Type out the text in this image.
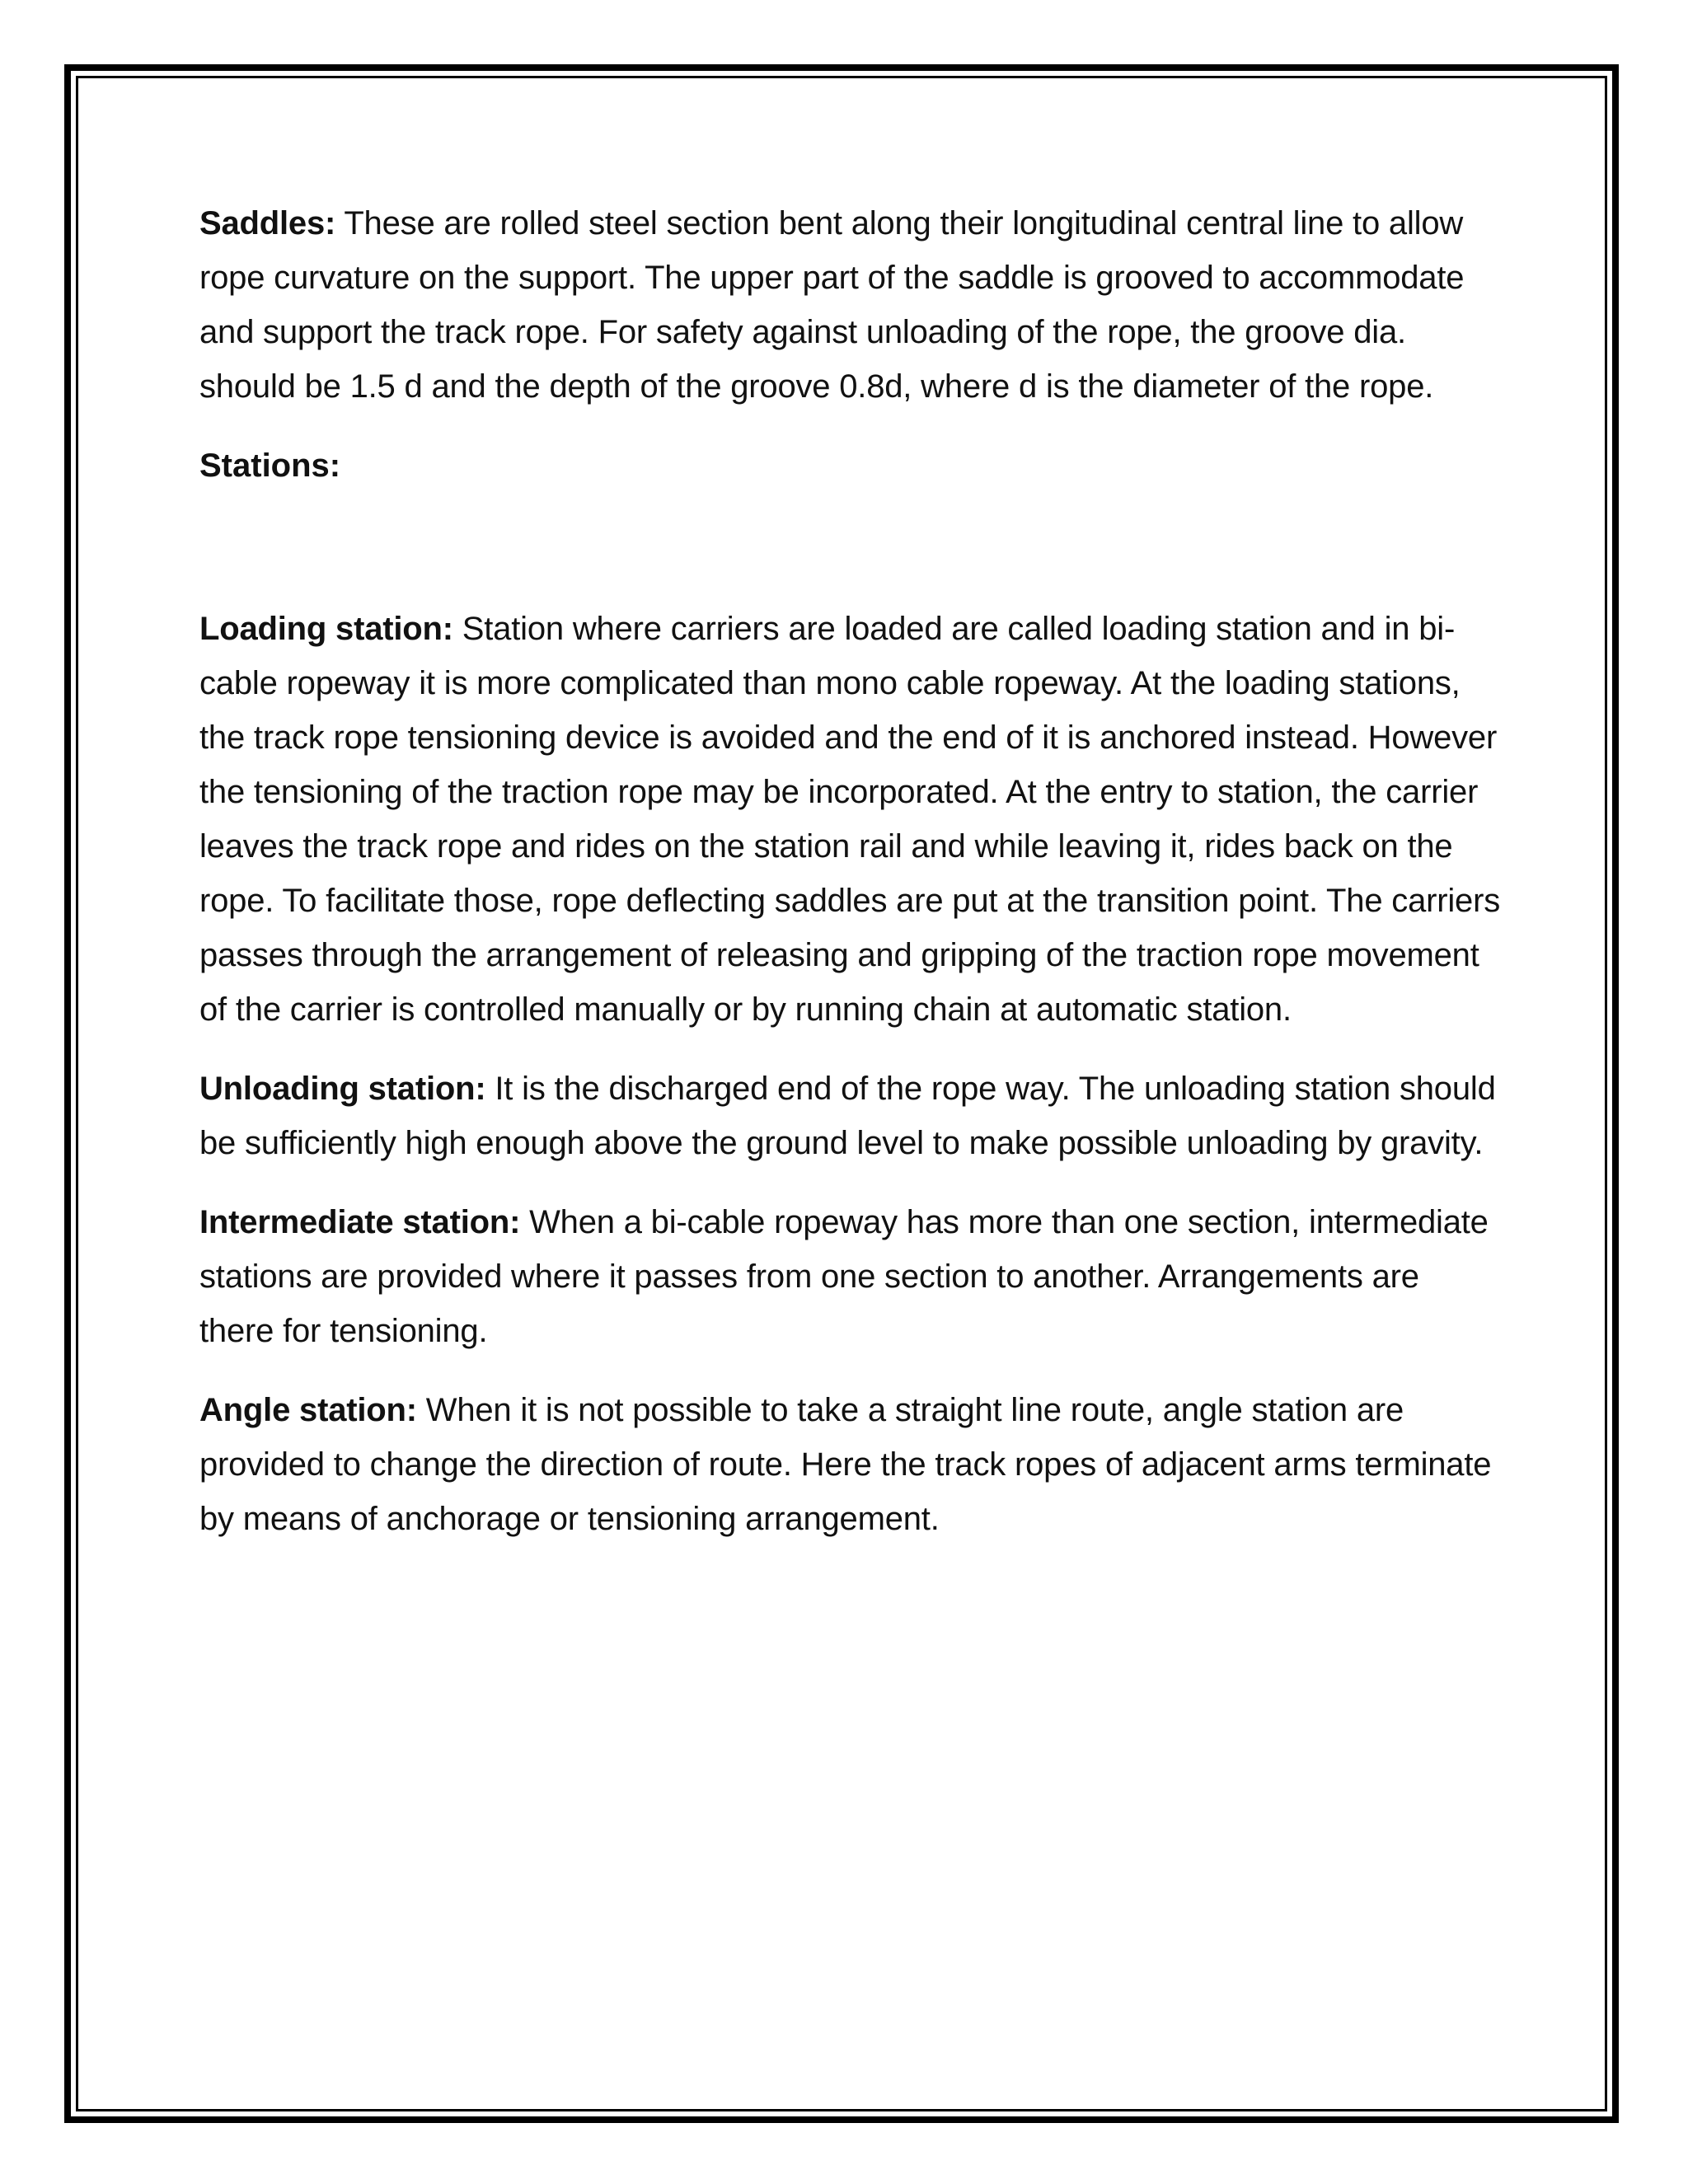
Saddles: These are rolled steel section bent along their longitudinal central line to allow rope curvature on the support. The upper part of the saddle is grooved to accommodate and support the track rope. For safety against unloading of the rope, the groove dia. should be 1.5 d and the depth of the groove 0.8d, where d is the diameter of the rope.

Stations:

Loading station: Station where carriers are loaded are called loading station and in bi-cable ropeway it is more complicated than mono cable ropeway. At the loading stations, the track rope tensioning device is avoided and the end of it is anchored instead. However the tensioning of the traction rope may be incorporated. At the entry to station, the carrier leaves the track rope and rides on the station rail and while leaving it, rides back on the rope. To facilitate those, rope deflecting saddles are put at the transition point. The carriers passes through the arrangement of releasing and gripping of the traction rope movement of the carrier is controlled manually or by running chain at automatic station.

Unloading station: It is the discharged end of the rope way. The unloading station should be sufficiently high enough above the ground level to make possible unloading by gravity.

Intermediate station: When a bi-cable ropeway has more than one section, intermediate stations are provided where it passes from one section to another. Arrangements are there for tensioning.

Angle station: When it is not possible to take a straight line route, angle station are provided to change the direction of route. Here the track ropes of adjacent arms terminate by means of anchorage or tensioning arrangement.
